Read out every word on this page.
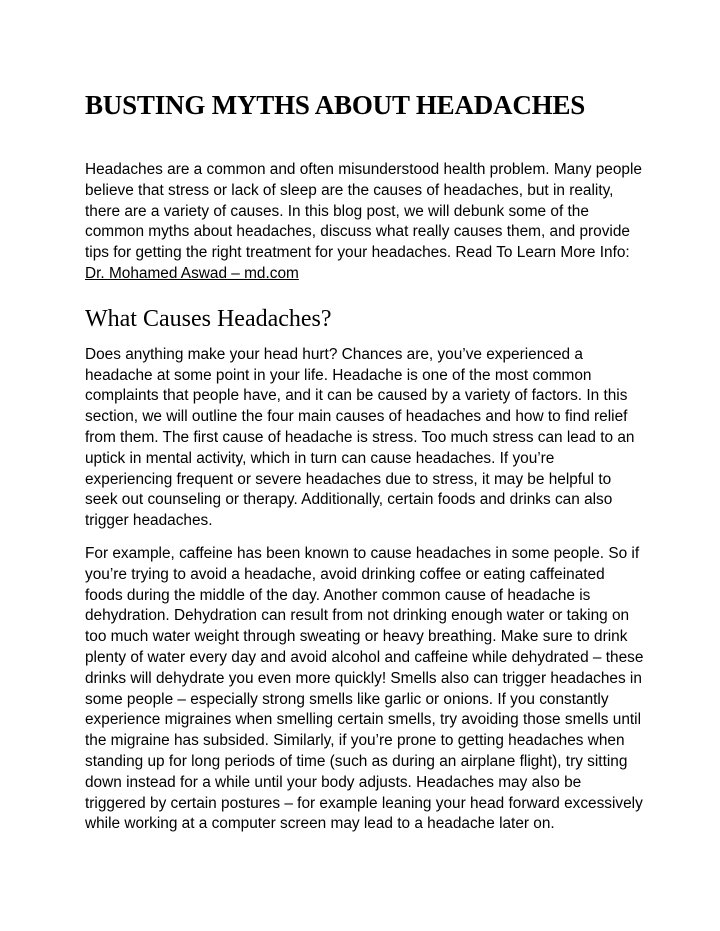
BUSTING MYTHS ABOUT HEADACHES

Headaches are a common and often misunderstood health problem. Many people believe that stress or lack of sleep are the causes of headaches, but in reality, there are a variety of causes. In this blog post, we will debunk some of the common myths about headaches, discuss what really causes them, and provide tips for getting the right treatment for your headaches. Read To Learn More Info: Dr. Mohamed Aswad – md.com

What Causes Headaches?

Does anything make your head hurt? Chances are, you’ve experienced a headache at some point in your life. Headache is one of the most common complaints that people have, and it can be caused by a variety of factors. In this section, we will outline the four main causes of headaches and how to find relief from them. The first cause of headache is stress. Too much stress can lead to an uptick in mental activity, which in turn can cause headaches. If you’re experiencing frequent or severe headaches due to stress, it may be helpful to seek out counseling or therapy. Additionally, certain foods and drinks can also trigger headaches.

For example, caffeine has been known to cause headaches in some people. So if you’re trying to avoid a headache, avoid drinking coffee or eating caffeinated foods during the middle of the day. Another common cause of headache is dehydration. Dehydration can result from not drinking enough water or taking on too much water weight through sweating or heavy breathing. Make sure to drink plenty of water every day and avoid alcohol and caffeine while dehydrated – these drinks will dehydrate you even more quickly! Smells also can trigger headaches in some people – especially strong smells like garlic or onions. If you constantly experience migraines when smelling certain smells, try avoiding those smells until the migraine has subsided. Similarly, if you’re prone to getting headaches when standing up for long periods of time (such as during an airplane flight), try sitting down instead for a while until your body adjusts. Headaches may also be triggered by certain postures – for example leaning your head forward excessively while working at a computer screen may lead to a headache later on.
